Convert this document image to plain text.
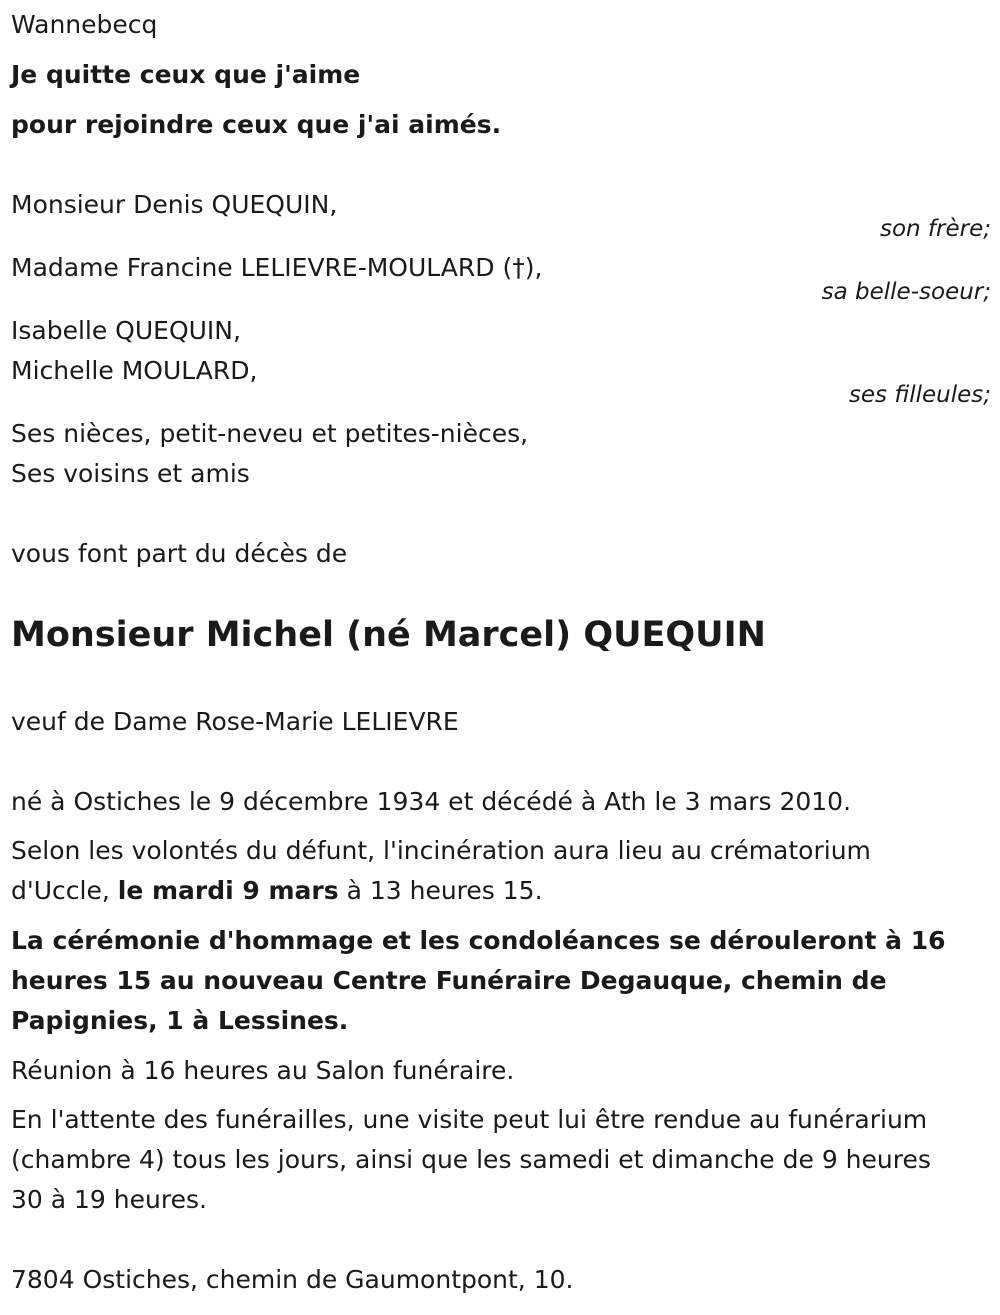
Wannebecq
Je quitte ceux que j'aime
pour rejoindre ceux que j'ai aimés.
Monsieur Denis QUEQUIN,
son frère;
Madame Francine LELIEVRE-MOULARD (†),
sa belle-soeur;
Isabelle QUEQUIN,
Michelle MOULARD,
ses filleules;
Ses nièces, petit-neveu et petites-nièces,
Ses voisins et amis
vous font part du décès de
Monsieur Michel (né Marcel) QUEQUIN
veuf de Dame Rose-Marie LELIEVRE
né à Ostiches le 9 décembre 1934 et décédé à Ath le 3 mars 2010.
Selon les volontés du défunt, l'incinération aura lieu au crématorium
d'Uccle, le mardi 9 mars à 13 heures 15.
La cérémonie d'hommage et les condoléances se dérouleront à 16
heures 15 au nouveau Centre Funéraire Degauque, chemin de
Papignies, 1 à Lessines.
Réunion à 16 heures au Salon funéraire.
En l'attente des funérailles, une visite peut lui être rendue au funérarium
(chambre 4) tous les jours, ainsi que les samedi et dimanche de 9 heures
30 à 19 heures.
7804 Ostiches, chemin de Gaumontpont, 10.
